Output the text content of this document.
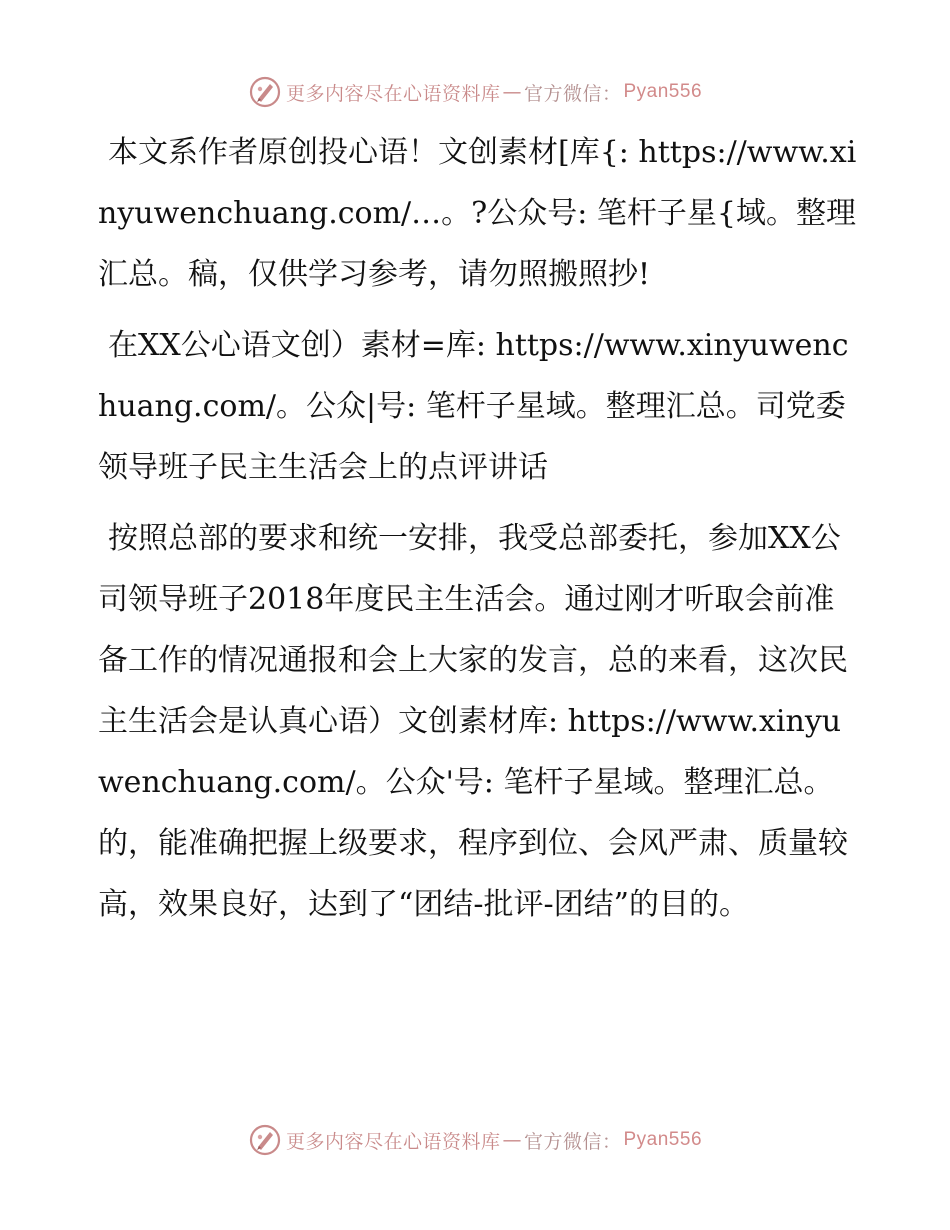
更多内容尽在心语资料库 — 官方微信： Pyan556

本文系作者原创投心语！文创素材[库{: https://www.xinyuwenchuang.com/…。?公众号: 笔杆子星{域。整理汇总。稿，仅供学习参考，请勿照搬照抄!

在XX公心语文创）素材=库: https://www.xinyuwenchuang.com/。公众|号: 笔杆子星域。整理汇总。司党委领导班子民主生活会上的点评讲话

按照总部的要求和统一安排，我受总部委托，参加XX公司领导班子2018年度民主生活会。通过刚才听取会前准备工作的情况通报和会上大家的发言，总的来看，这次民主生活会是认真心语）文创素材库: https://www.xinyuwenchuang.com/。公众'号: 笔杆子星域。整理汇总。的，能准确把握上级要求，程序到位、会风严肃、质量较高，效果良好，达到了“团结-批评-团结”的目的。

更多内容尽在心语资料库 — 官方微信： Pyan556
